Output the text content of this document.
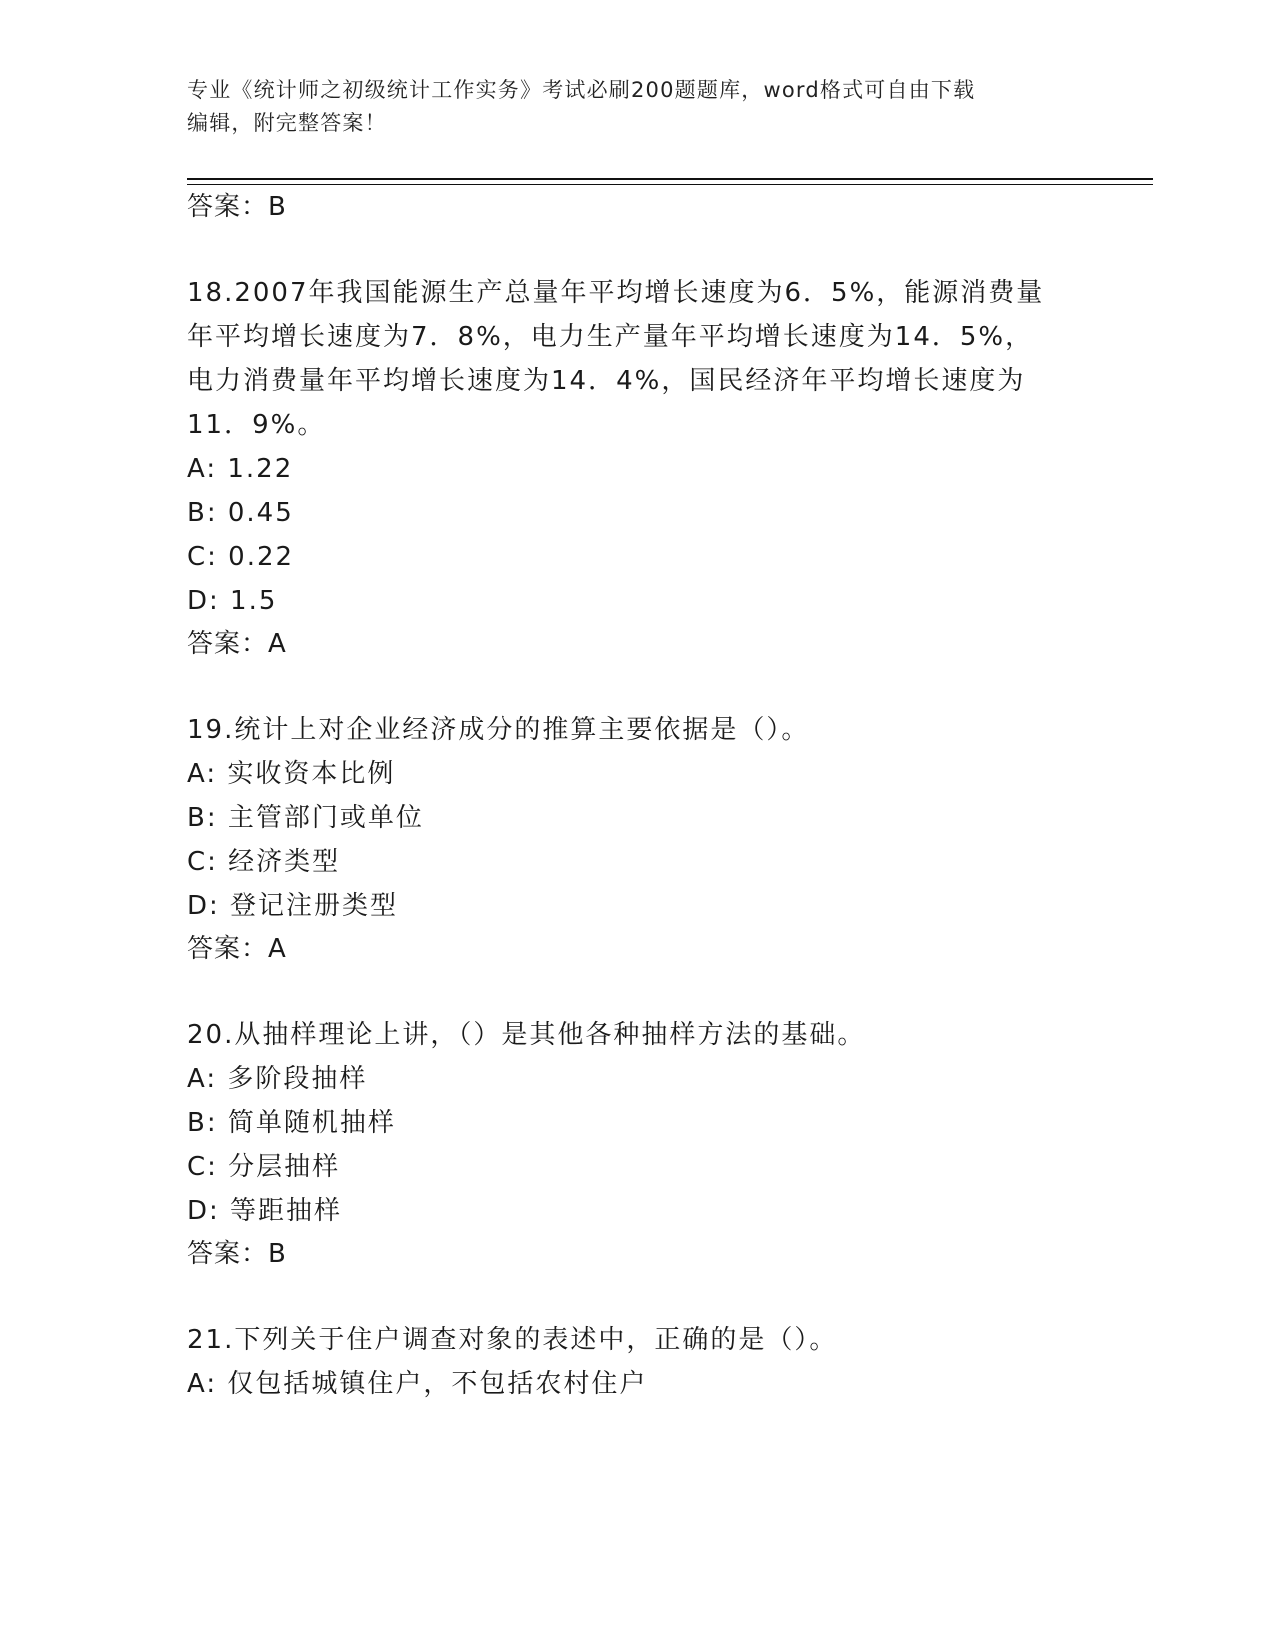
专业《统计师之初级统计工作实务》考试必刷200题题库，word格式可自由下载
编辑，附完整答案！
答案：B
18.2007年我国能源生产总量年平均增长速度为6．5%，能源消费量
年平均增长速度为7．8%，电力生产量年平均增长速度为14．5%，
电力消费量年平均增长速度为14．4%，国民经济年平均增长速度为
11．9%。
A: 1.22
B: 0.45
C: 0.22
D: 1.5
答案：A
19.统计上对企业经济成分的推算主要依据是（）。
A: 实收资本比例
B: 主管部门或单位
C: 经济类型
D: 登记注册类型
答案：A
20.从抽样理论上讲，（）是其他各种抽样方法的基础。
A: 多阶段抽样
B: 简单随机抽样
C: 分层抽样
D: 等距抽样
答案：B
21.下列关于住户调查对象的表述中，正确的是（）。
A: 仅包括城镇住户，不包括农村住户
